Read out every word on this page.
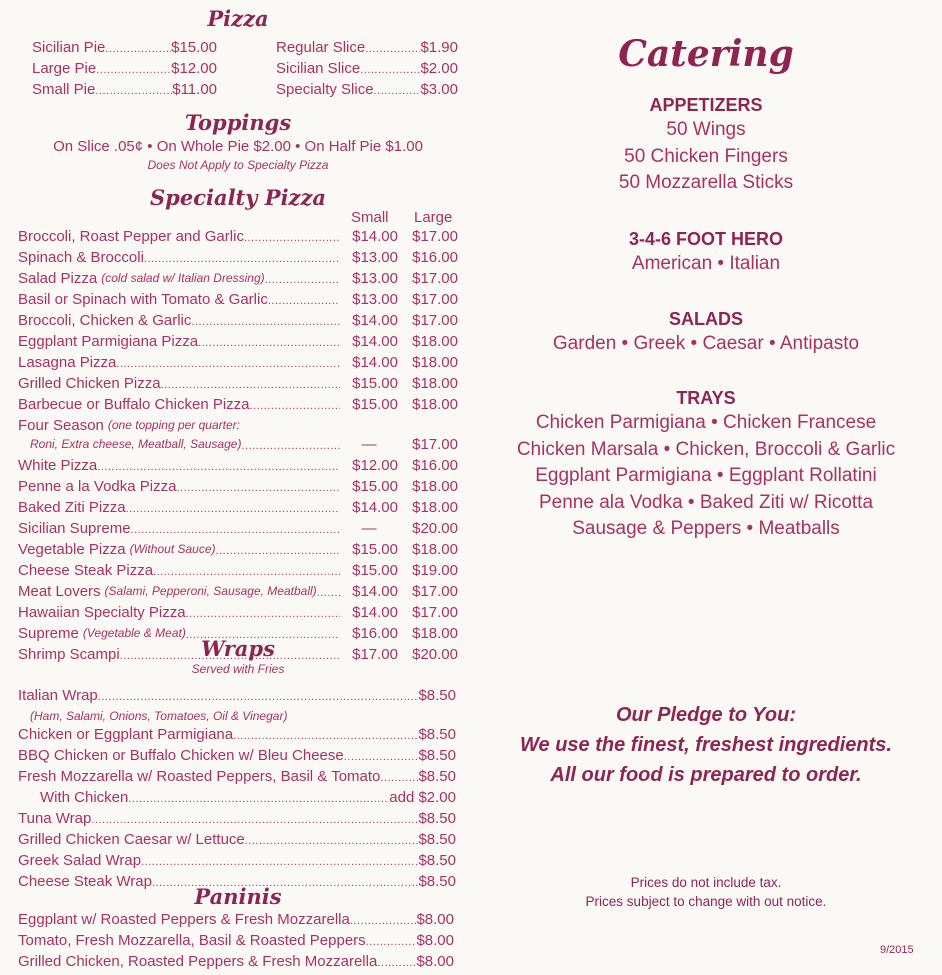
Pizza
Sicilian Pie .....	$15.00
Large Pie .....	$12.00
Small Pie .....	$11.00
Regular Slice .....	$1.90
Sicilian Slice .....	$2.00
Specialty Slice .....	$3.00
Toppings
On Slice .05¢ • On Whole Pie $2.00 • On Half Pie $1.00
Does Not Apply to Specialty Pizza
Specialty Pizza
Small Large
Broccoli, Roast Pepper and Garlic .....	$14.00 $17.00
Spinach & Broccoli .....	$13.00 $16.00
Salad Pizza (cold salad w/ Italian Dressing) .....	$13.00 $17.00
Basil or Spinach with Tomato & Garlic .....	$13.00 $17.00
Broccoli, Chicken & Garlic .....	$14.00 $17.00
Eggplant Parmigiana Pizza .....	$14.00 $18.00
Lasagna Pizza .....	$14.00 $18.00
Grilled Chicken Pizza .....	$15.00 $18.00
Barbecue or Buffalo Chicken Pizza .....	$15.00 $18.00
Four Season (one topping per quarter:
Roni, Extra cheese, Meatball, Sausage) .....	—	$17.00
White Pizza .....	$12.00 $16.00
Penne a la Vodka Pizza .....	$15.00 $18.00
Baked Ziti Pizza .....	$14.00 $18.00
Sicilian Supreme .....	—	$20.00
Vegetable Pizza (Without Sauce) .....	$15.00 $18.00
Cheese Steak Pizza .....	$15.00 $19.00
Meat Lovers (Salami, Pepperoni, Sausage, Meatball) .....	$14.00 $17.00
Hawaiian Specialty Pizza .....	$14.00 $17.00
Supreme (Vegetable & Meat) .....	$16.00 $18.00
Shrimp Scampi .....	$17.00 $20.00
Wraps
Served with Fries
Italian Wrap .....	$8.50
(Ham, Salami, Onions, Tomatoes, Oil & Vinegar)
Chicken or Eggplant Parmigiana .....	$8.50
BBQ Chicken or Buffalo Chicken w/ Bleu Cheese .....	$8.50
Fresh Mozzarella w/ Roasted Peppers, Basil & Tomato .....	$8.50
With Chicken .....	add $2.00
Tuna Wrap .....	$8.50
Grilled Chicken Caesar w/ Lettuce .....	$8.50
Greek Salad Wrap .....	$8.50
Cheese Steak Wrap .....	$8.50
Paninis
Eggplant w/ Roasted Peppers & Fresh Mozzarella .....	$8.00
Tomato, Fresh Mozzarella, Basil & Roasted Peppers .....	$8.00
Grilled Chicken, Roasted Peppers & Fresh Mozzarella .....	$8.00
Catering
APPETIZERS
50 Wings
50 Chicken Fingers
50 Mozzarella Sticks
3-4-6 FOOT HERO
American • Italian
SALADS
Garden • Greek • Caesar • Antipasto
TRAYS
Chicken Parmigiana • Chicken Francese
Chicken Marsala • Chicken, Broccoli & Garlic
Eggplant Parmigiana • Eggplant Rollatini
Penne ala Vodka • Baked Ziti w/ Ricotta
Sausage & Peppers • Meatballs
Our Pledge to You:
We use the finest, freshest ingredients.
All our food is prepared to order.
Prices do not include tax.
Prices subject to change with out notice.
9/2015
